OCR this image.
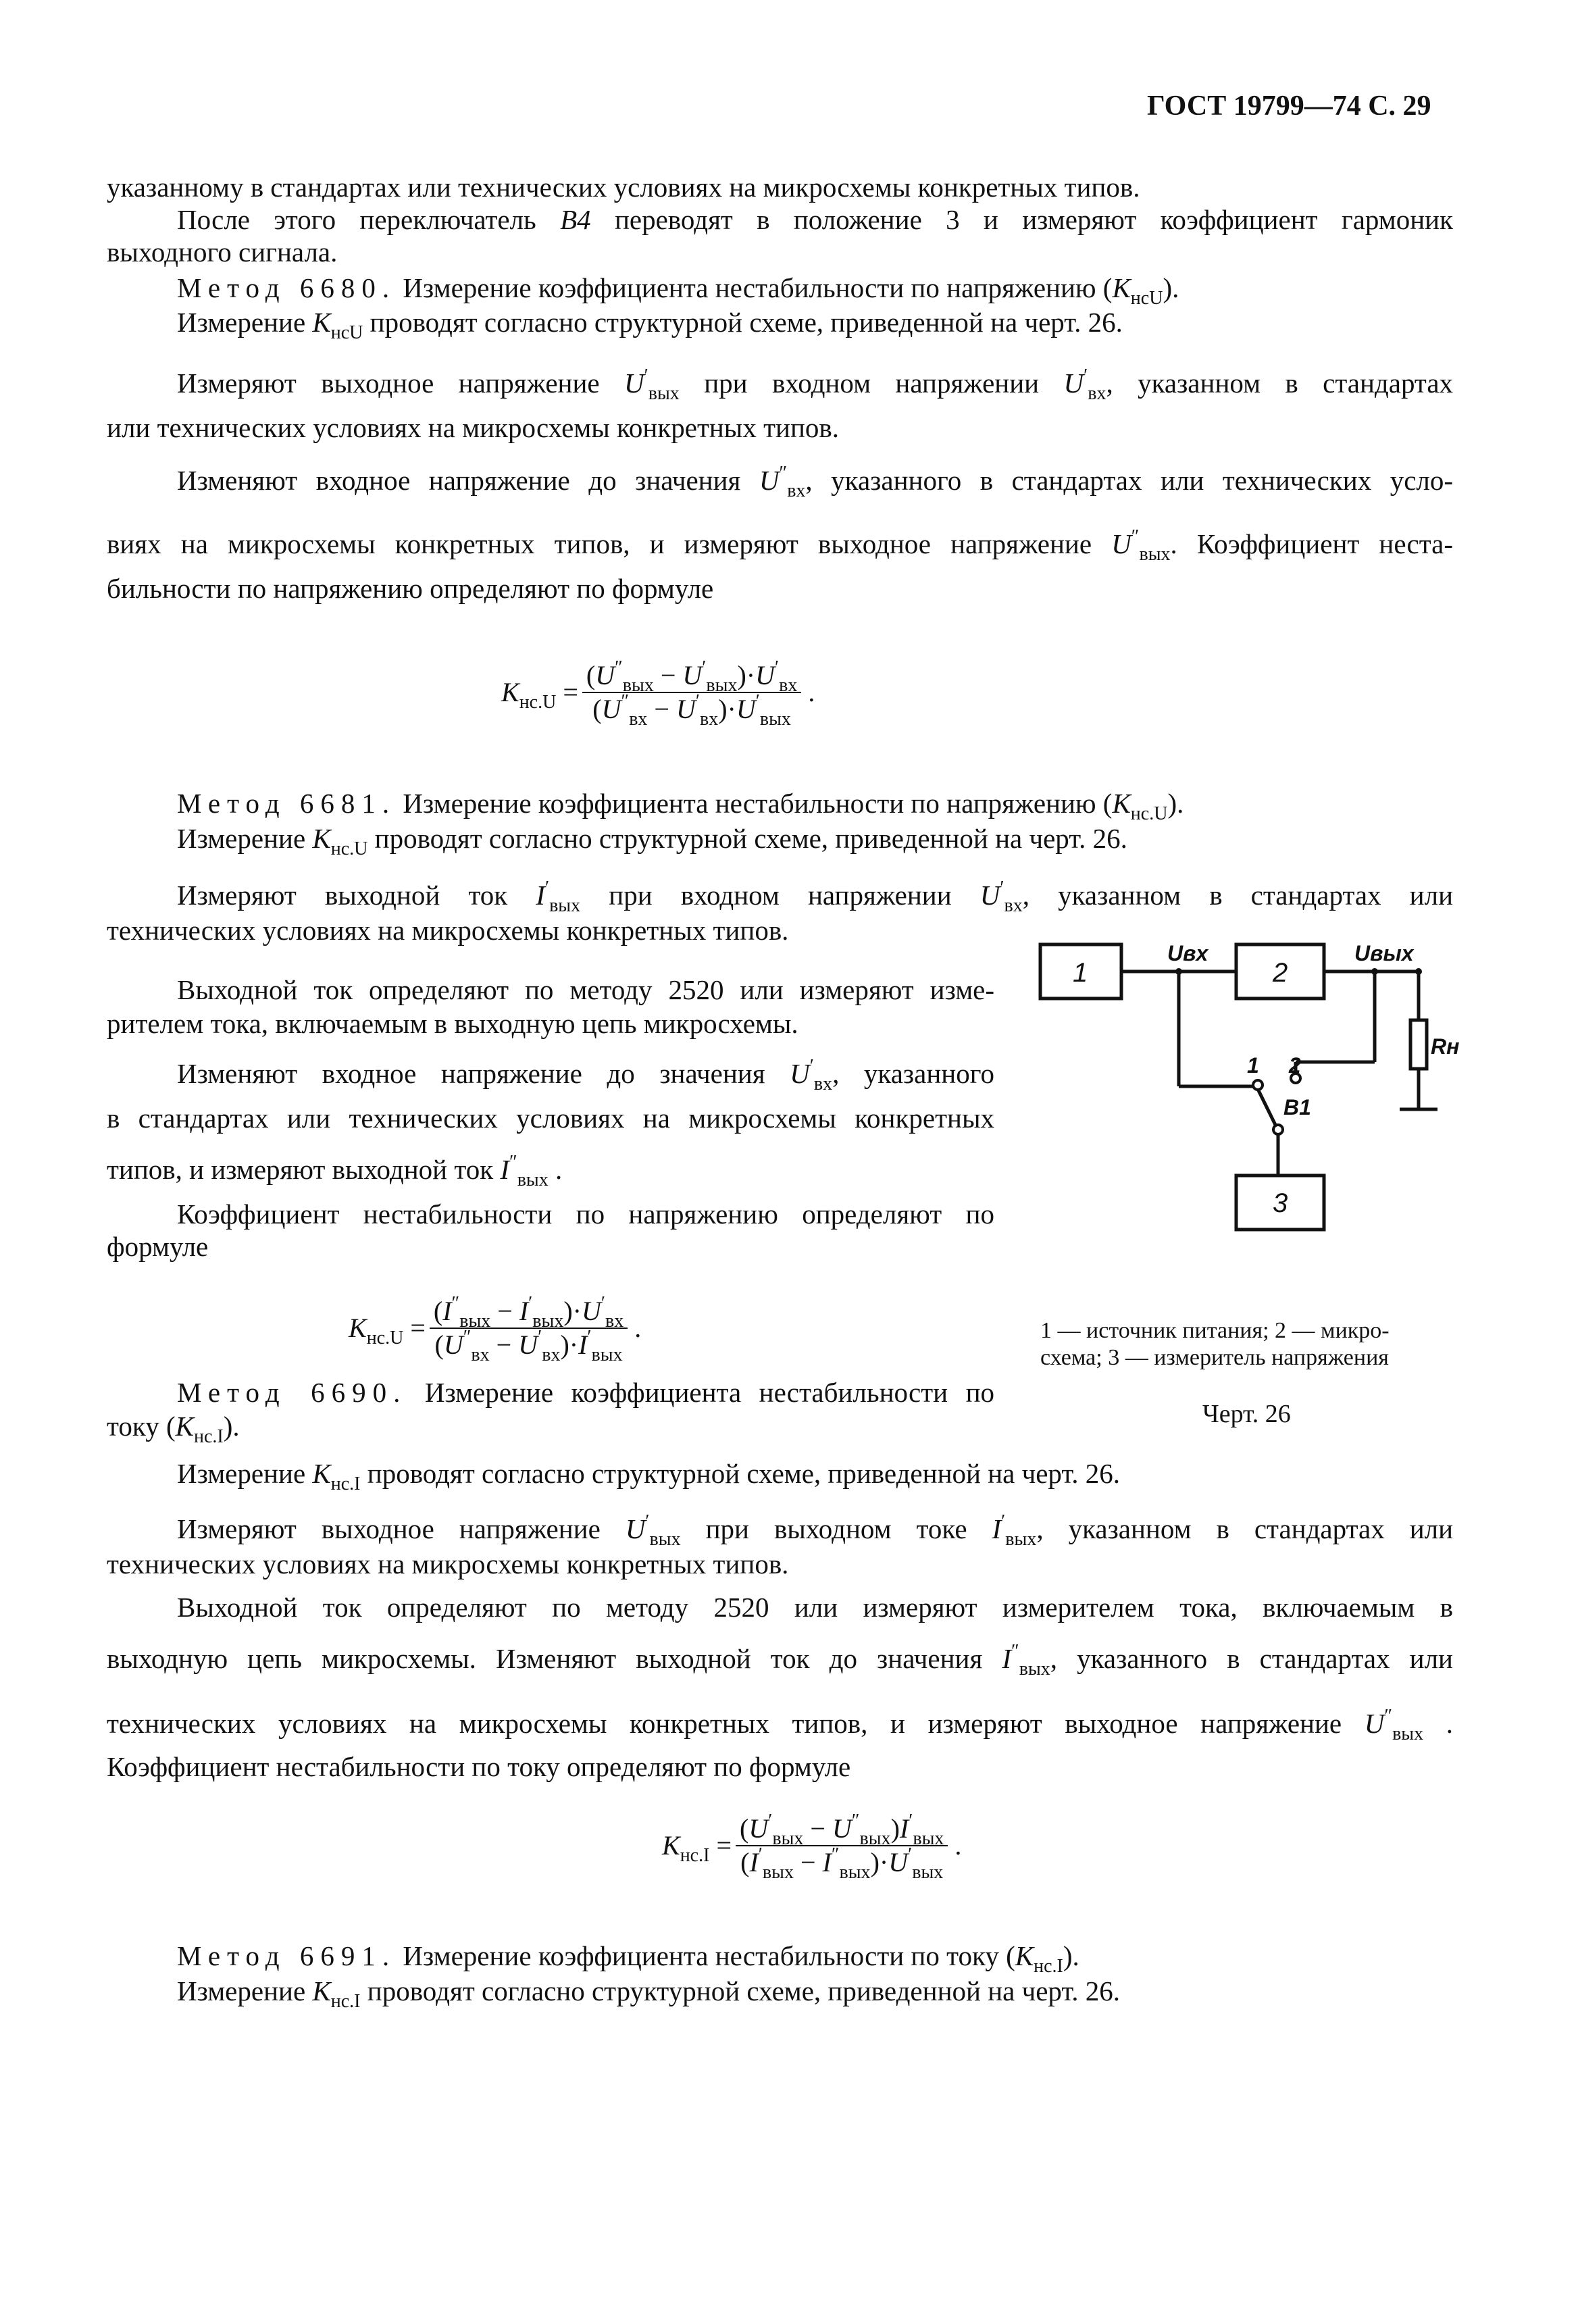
ГОСТ 19799—74 С. 29
указанному в стандартах или технических условиях на микросхемы конкретных типов.
После этого переключатель В4 переводят в положение 3 и измеряют коэффициент гармоник
выходного сигнала.
Метод 6680. Измерение коэффициента нестабильности по напряжению $(K_{нсU})$.
Измерение $K_{нсU}$ проводят согласно структурной схеме, приведенной на черт. 26.
Измеряют выходное напряжение $U'_{вых}$ при входном напряжении $U'_{вх}$, указанном в стандартах
или технических условиях на микросхемы конкретных типов.
Изменяют входное напряжение до значения $U''_{вх}$, указанного в стандартах или технических усло-
виях на микросхемы конкретных типов, и измеряют выходное напряжение $U''_{вых}$. Коэффициент неста-
бильности по напряжению определяют по формуле
$K_{нс.U} = \frac{(U''_{вых} - U'_{вых})\cdot U'_{вх}}{(U''_{вх} - U'_{вх})\cdot U'_{вых}}$ .
Метод 6681. Измерение коэффициента нестабильности по напряжению $(K_{нс.U})$.
Измерение $K_{нс.U}$ проводят согласно структурной схеме, приведенной на черт. 26.
Измеряют выходной ток $I'_{вых}$ при входном напряжении $U'_{вх}$, указанном в стандартах или
технических условиях на микросхемы конкретных типов.
Выходной ток определяют по методу 2520 или измеряют изме-
рителем тока, включаемым в выходную цепь микросхемы.
Изменяют входное напряжение до значения $U'_{вх}$, указанного
в стандартах или технических условиях на микросхемы конкретных
типов, и измеряют выходной ток $I''_{вых}$ .
Коэффициент нестабильности по напряжению определяют по
формуле
$K_{нс.U} = \frac{(I''_{вых} - I'_{вых})\cdot U'_{вх}}{(U''_{вх} - U'_{вх})\cdot I'_{вых}}$ .
Метод 6690. Измерение коэффициента нестабильности по
току $(K_{нс.I})$.
Измерение $K_{нс.I}$ проводят согласно структурной схеме, приведенной на черт. 26.
Измеряют выходное напряжение $U'_{вых}$ при выходном токе $I'_{вых}$, указанном в стандартах или
технических условиях на микросхемы конкретных типов.
Выходной ток определяют по методу 2520 или измеряют измерителем тока, включаемым в
выходную цепь микросхемы. Изменяют выходной ток до значения $I''_{вых}$, указанного в стандартах или
технических условиях на микросхемы конкретных типов, и измеряют выходное напряжение $U''_{вых}$ .
Коэффициент нестабильности по току определяют по формуле
$K_{нс.I} = \frac{(U'_{вых} - U''_{вых})I'_{вых}}{(I'_{вых} - I''_{вых})\cdot U'_{вых}}$ .
Метод 6691. Измерение коэффициента нестабильности по току $(K_{нс.I})$.
Измерение $K_{нс.I}$ проводят согласно структурной схеме, приведенной на черт. 26.
1	2
3
Uвх	Uвых
Rн
1 2
В1
1 — источник питания; 2 — микро-
схема; 3 — измеритель напряжения
Черт. 26
